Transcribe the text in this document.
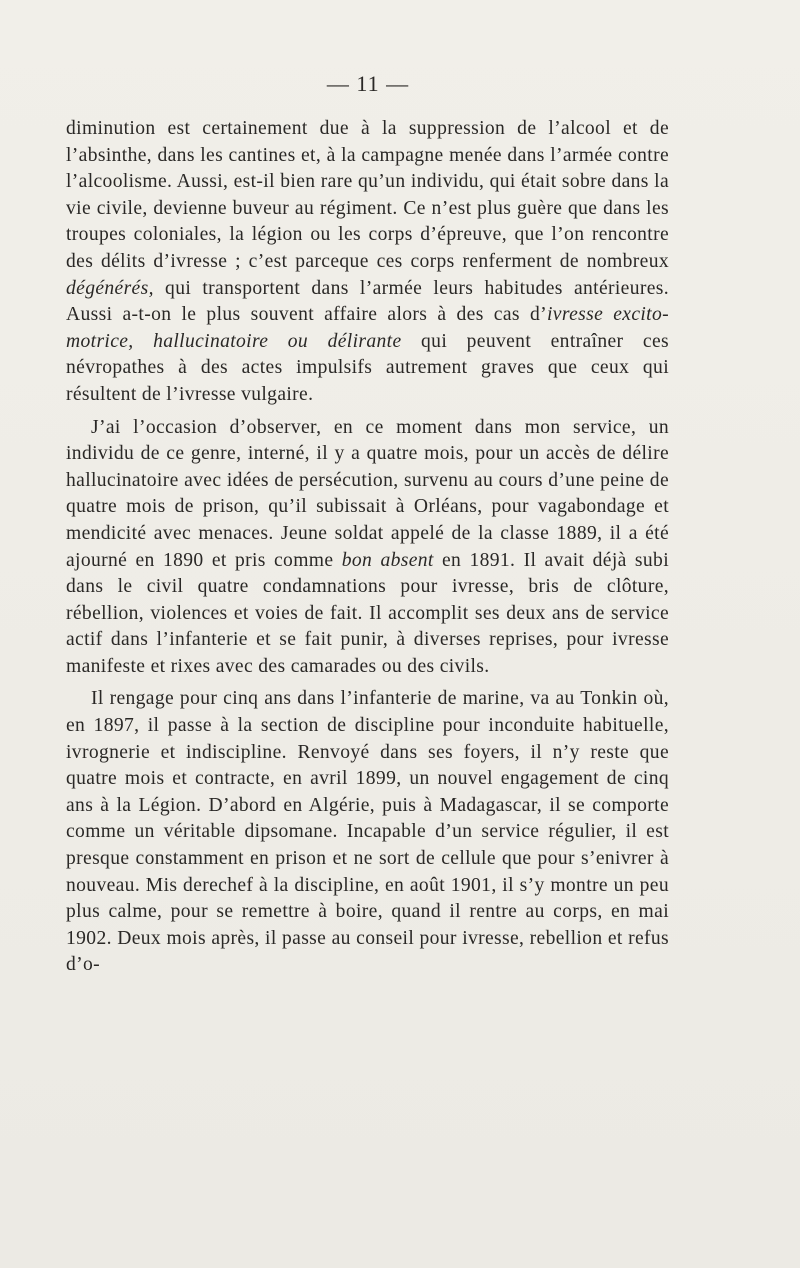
— 11 —

diminution est certainement due à la suppression de l’alcool et de l’absinthe, dans les cantines et, à la campagne menée dans l’armée contre l’alcoolisme. Aussi, est-il bien rare qu’un individu, qui était sobre dans la vie civile, devienne buveur au régiment. Ce n’est plus guère que dans les troupes coloniales, la légion ou les corps d’épreuve, que l’on rencontre des délits d’ivresse ; c’est parceque ces corps renferment de nombreux dégénérés, qui transportent dans l’armée leurs habitudes antérieures. Aussi a-t-on le plus souvent affaire alors à des cas d’ivresse excito-motrice, hallucinatoire ou délirante qui peuvent entraîner ces névropathes à des actes impulsifs autrement graves que ceux qui résultent de l’ivresse vulgaire.

J’ai l’occasion d’observer, en ce moment dans mon service, un individu de ce genre, interné, il y a quatre mois, pour un accès de délire hallucinatoire avec idées de persécution, survenu au cours d’une peine de quatre mois de prison, qu’il subissait à Orléans, pour vagabondage et mendicité avec menaces. Jeune soldat appelé de la classe 1889, il a été ajourné en 1890 et pris comme bon absent en 1891. Il avait déjà subi dans le civil quatre condamnations pour ivresse, bris de clôture, rébellion, violences et voies de fait. Il accomplit ses deux ans de service actif dans l’infanterie et se fait punir, à diverses reprises, pour ivresse manifeste et rixes avec des camarades ou des civils.

Il rengage pour cinq ans dans l’infanterie de marine, va au Tonkin où, en 1897, il passe à la section de discipline pour inconduite habituelle, ivrognerie et indiscipline. Renvoyé dans ses foyers, il n’y reste que quatre mois et contracte, en avril 1899, un nouvel engagement de cinq ans à la Légion. D’abord en Algérie, puis à Madagascar, il se comporte comme un véritable dipsomane. Incapable d’un service régulier, il est presque constamment en prison et ne sort de cellule que pour s’enivrer à nouveau. Mis derechef à la discipline, en août 1901, il s’y montre un peu plus calme, pour se remettre à boire, quand il rentre au corps, en mai 1902. Deux mois après, il passe au conseil pour ivresse, rebellion et refus d’o-
